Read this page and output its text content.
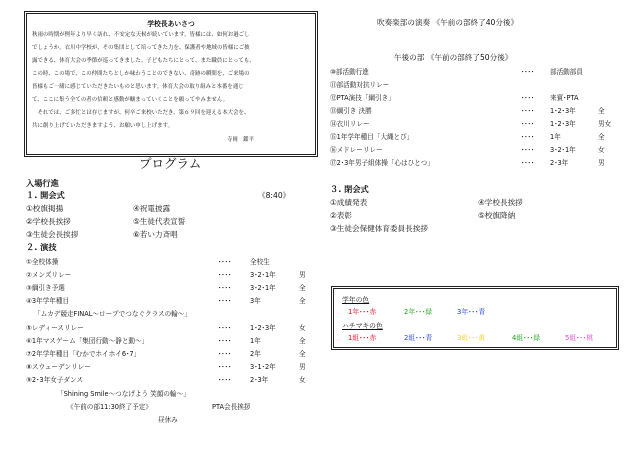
学校長あいさつ
秋雨の時期が例年より早く訪れ、不安定な天候が続いています。皆様には、如何お過ごし
でしょうか。衣川中学校が、その集団として培ってきた力を、保護者や地域の皆様にご披
露できる、体育大会の季節が巡ってきました。子どもたちにとって、また職員にとっても、
この時、この場で、この仲間たちとしか味わうことのできない、奇跡の瞬間を、ご来場の
皆様もご一緒に感じていただきたいものと思います。体育大会の取り組みと本番を通じ
て、ここに集う全ての者の信頼と感動が醸まっていくことを願ってやみません。
　それでは、ご多忙とは存じますが、何卒ご来校いただき、第６９回を迎える本大会を、
共に創り上げていただきますよう、お願い申し上げます。
寺岡　鑑平
プログラム
入場行進
１. 開会式	《8:40》
①校旗掲揚
②学校長挨拶
③生徒会長挨拶
④祝電披露
⑤生徒代表宣誓
⑥若い力斉唱
２. 演技
①全校体操	････	全校生
②メンズリレー	････	3･2･1年	男
③綱引き予選	････	3･2･1年	全
④3年学年種目	････	3年	全
「ムカデ競走FINAL～ロープでつなぐクラスの輪～」
⑤レディースリレー	････	1･2･3年	女
⑥1年マスゲーム「集団行動～静と動～」	････	1年	全
⑦2年学年種目「むかでホイホイ6･7」	････	2年	全
⑧スウェーデンリレー	････	3･1･2年	男
⑨2･3年女子ダンス	････	2･3年	女
「Shining Smile～つなげよう 笑顔の輪～」
《午前の部11:30終了予定》	PTA会長挨拶
昼休み
吹奏楽部の演奏 《午前の部終了40分後》
午後の部 《午前の部終了50分後》
⑩部活動行進	････ 部活動部員
⑪部活動対抗リレー
⑫PTA演技「綱引き」	････ 来賓･PTA
⑬綱引き 決勝	････ 1･2･3年	全
⑭衣川リレー	････ 1･2･3年	男女
⑮1年学年種目「大縄とび」	････ 1年	全
⑯メドレーリレー	････ 3･2･1年	女
⑰2･3年男子組体操「心はひとつ」	････ 2･3年	男
３. 閉会式
①成績発表
②表彰
③生徒会保健体育委員長挨拶
④学校長挨拶
⑤校旗降納
学年の色
1年･･･赤	2年･･･緑	3年･･･青
ハチマキの色
1組･･･赤	2組･･･青	3組･･･黄	4組･･･緑	5組･･･桃
